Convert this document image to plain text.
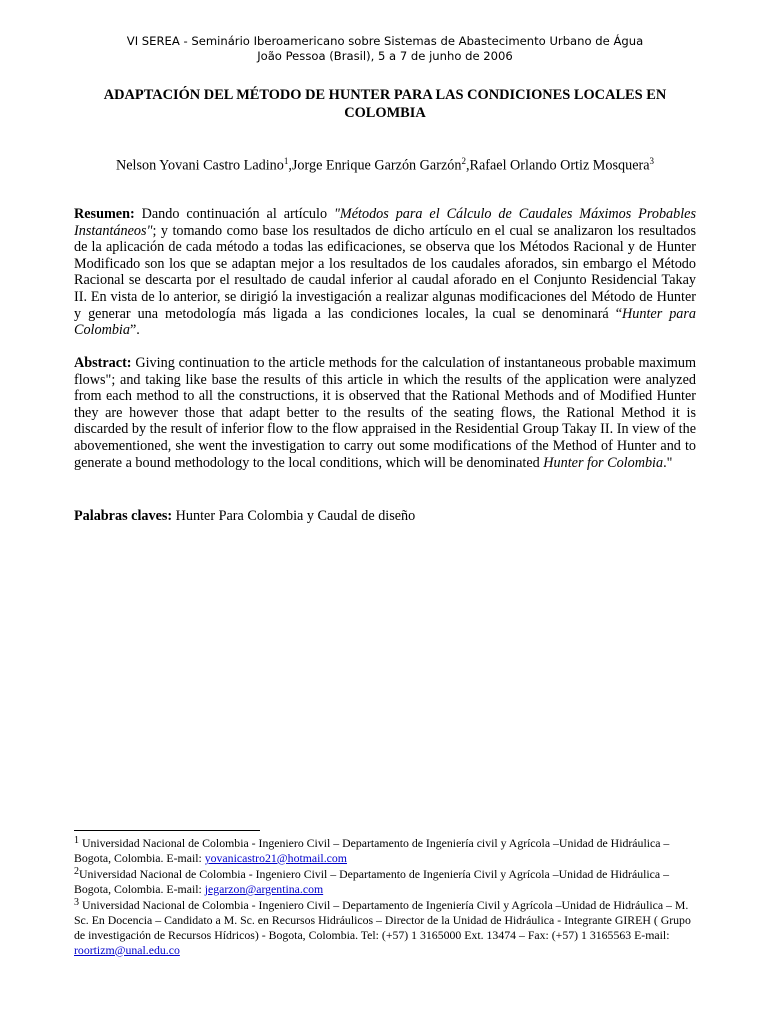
VI SEREA - Seminário Iberoamericano sobre Sistemas de Abastecimento Urbano de Água
João Pessoa (Brasil), 5 a 7 de junho de 2006
ADAPTACIÓN DEL MÉTODO DE HUNTER PARA LAS CONDICIONES LOCALES EN
COLOMBIA
Nelson Yovani Castro Ladino$^1$,Jorge Enrique Garzón Garzón$^2$,Rafael Orlando Ortiz Mosquera$^3$
Resumen: Dando continuación al artículo "Métodos para el Cálculo de Caudales Máximos Probables Instantáneos"; y tomando como base los resultados de dicho artículo en el cual se analizaron los resultados de la aplicación de cada método a todas las edificaciones, se observa que los Métodos Racional y de Hunter Modificado son los que se adaptan mejor a los resultados de los caudales aforados, sin embargo el Método Racional se descarta por el resultado de caudal inferior al caudal aforado en el Conjunto Residencial Takay II. En vista de lo anterior, se dirigió la investigación a realizar algunas modificaciones del Método de Hunter y generar una metodología más ligada a las condiciones locales, la cual se denominará “Hunter para Colombia”.
Abstract: Giving continuation to the article methods for the calculation of instantaneous probable maximum flows"; and taking like base the results of this article in which the results of the application were analyzed from each method to all the constructions, it is observed that the Rational Methods and of Modified Hunter they are however those that adapt better to the results of the seating flows, the Rational Method it is discarded by the result of inferior flow to the flow appraised in the Residential Group Takay II. In view of the abovementioned, she went the investigation to carry out some modifications of the Method of Hunter and to generate a bound methodology to the local conditions, which will be denominated Hunter for Colombia."
Palabras claves: Hunter Para Colombia y Caudal de diseño
$^1$ Universidad Nacional de Colombia - Ingeniero Civil – Departamento de Ingeniería civil y Agrícola –Unidad de Hidráulica –Bogota, Colombia. E-mail: yovanicastro21@hotmail.com
$^2$Universidad Nacional de Colombia - Ingeniero Civil – Departamento de Ingeniería Civil y Agrícola –Unidad de Hidráulica –Bogota, Colombia. E-mail: jegarzon@argentina.com
$^3$ Universidad Nacional de Colombia - Ingeniero Civil – Departamento de Ingeniería Civil y Agrícola –Unidad de Hidráulica – M. Sc. En Docencia – Candidato a M. Sc. en Recursos Hidráulicos – Director de la Unidad de Hidráulica - Integrante GIREH ( Grupo de investigación de Recursos Hídricos) - Bogota, Colombia. Tel: (+57) 1 3165000 Ext. 13474 – Fax: (+57) 1 3165563 E-mail: roortizm@unal.edu.co
